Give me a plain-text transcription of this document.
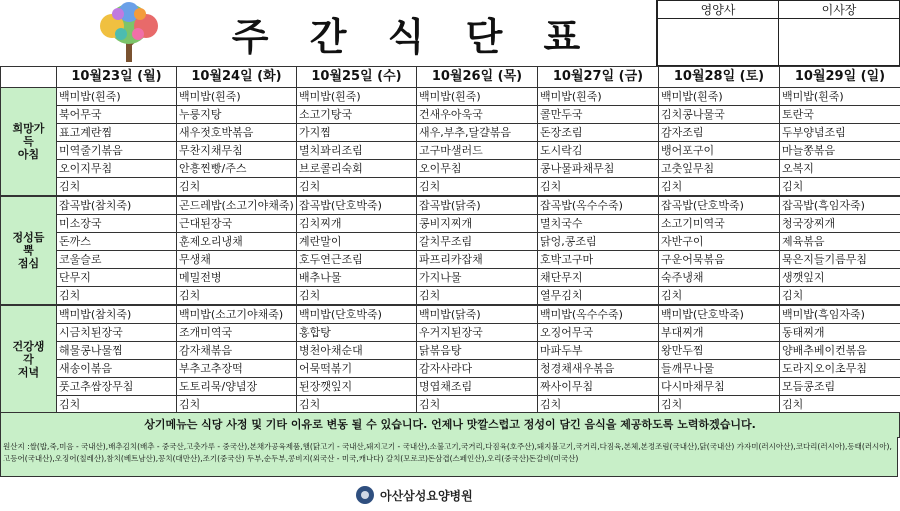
주 간 식 단 표
영양사	이사장

	10월23일 (월)	10월24일 (화)	10월25일 (수)	10월26일 (목)	10월27일 (금)	10월28일 (토)	10월29일 (일)

희망가
득
아침	백미밥(흰죽)	백미밥(흰죽)	백미밥(흰죽)	백미밥(흰죽)	백미밥(흰죽)	백미밥(흰죽)	백미밥(흰죽)
	북어무국	누룽지탕	소고기탕국	건새우아욱국	콜만두국	김치콩나물국	토란국
	표고계란찜	새우젓호박볶음	가지찜	새우,부추,달걀볶음	돈장조림	감자조림	두부양념조림
	미역줄기볶음	무찬지채무침	멸치꽈리조림	고구마샐러드	도시락김	뱅어포구이	마늘쫑볶음
	오이지무침	안흥찐빵/주스	브로콜리숙회	오이무침	콩나물파채무침	고춧잎무침	오복지
	김치	김치	김치	김치	김치	김치	김치

정성듬
뿍
점심	잡곡밥(참치죽)	곤드레밥(소고기야채죽)	잡곡밥(단호박죽)	잡곡밥(닭죽)	잡곡밥(옥수수죽)	잡곡밥(단호박죽)	잡곡밥(흑임자죽)
	미소장국	근대된장국	김치찌개	콩비지찌개	멸치국수	소고기미역국	청국장찌개
	돈까스	훈제오리냉채	계란말이	갈치무조림	닭엉,콩조림	자반구이	제육볶음
	코울슬로	무생채	호두연근조림	파프리카잡채	호박고구마	구운어묵볶음	묵은지들기름무침
	단무지	메밀전병	배추나물	가지나물	채단무지	숙주냉채	생깻잎지
	김치	김치	김치	김치	열무김치	김치	김치

건강생
각
저녁	백미밥(참치죽)	백미밥(소고기야채죽)	백미밥(단호박죽)	백미밥(닭죽)	백미밥(옥수수죽)	백미밥(단호박죽)	백미밥(흑임자죽)
	시금치된장국	조개미역국	홍합탕	우거지된장국	오징어무국	부대찌개	동태찌개
	해물콩나물찜	감자채볶음	병천아채순대	닭볶음탕	마파두부	왕만두찜	양배추베이컨볶음
	새송이볶음	부추고추장떡	어묵떡볶기	감자사라다	청경채새우볶음	들깨무나물	도라지오이초무침
	풋고추쌈장무침	도토리묵/양념장	된장깻잎지	명엽채조림	짜사이무침	다시마채무침	모듬콩조림
	김치	김치	김치	김치	김치	김치	김치
상기메뉴는 식당 사정 및 기타 이유로 변동 될 수 있습니다. 언제나 맛깔스럽고 정성이 담긴 음식을 제공하도록 노력하겠습니다.
원산지 :쌀(밥,죽,미음 - 국내산),배추김치(배추 - 중국산,고춧가루 - 중국산),본채가공육제품,햄(닭고기 - 국내산,돼지고기 - 국내산),소불고기,국거리,다짐육(호주산),돼지불고기,국거리,다짐육,본체,본정조림(국내산),닭(국내산) 가자미(러시아산),코다리(러시아),동태(러시아),고등어(국내산),오징어(칠레산),참치(베트남산),꽁치(대만산),조기(중국산) 두부,순두부,콩비지(외국산 - 미국,캐나다) 갈치(모로코)돈삼겹(스페인산),오리(중국산)돈갈비(미국산)
아산삼성요양병원
